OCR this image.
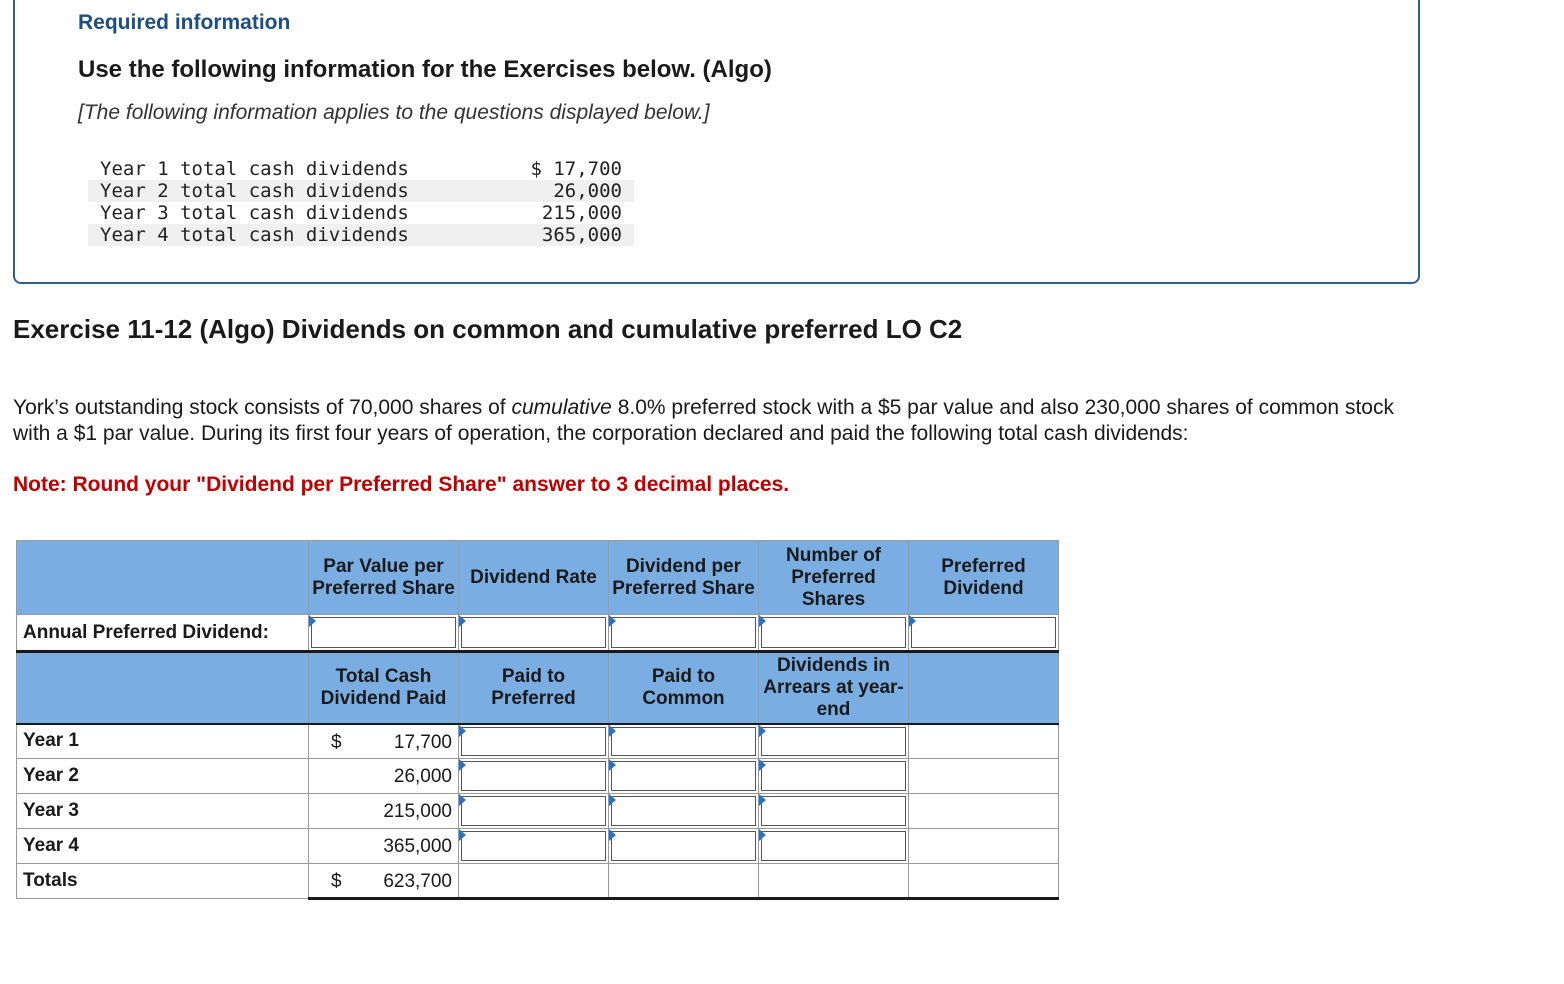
Required information
Use the following information for the Exercises below. (Algo)
[The following information applies to the questions displayed below.]
Year 1 total cash dividends	$ 17,700
Year 2 total cash dividends	26,000
Year 3 total cash dividends	215,000
Year 4 total cash dividends	365,000
Exercise 11-12 (Algo) Dividends on common and cumulative preferred LO C2
York’s outstanding stock consists of 70,000 shares of cumulative 8.0% preferred stock with a $5 par value and also 230,000 shares of common stock with a $1 par value. During its first four years of operation, the corporation declared and paid the following total cash dividends:
Note: Round your "Dividend per Preferred Share" answer to 3 decimal places.
	Par Value per Preferred Share	Dividend Rate	Dividend per Preferred Share	Number of Preferred Shares	Preferred Dividend
Annual Preferred Dividend:	

	Total Cash Dividend Paid	Paid to Preferred	Paid to Common	Dividends in Arrears at year-end	
Year 1	$ 17,700				

Year 2	26,000				

Year 3	215,000				

Year 4	365,000				

Totals	$ 623,700				
